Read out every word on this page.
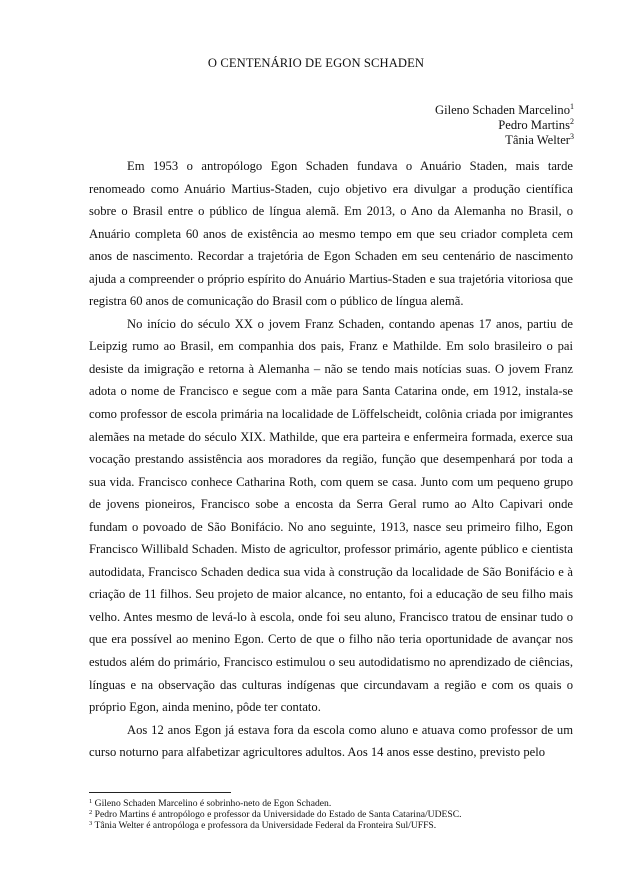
O CENTENÁRIO DE EGON SCHADEN
Gileno Schaden Marcelino$^1$
Pedro Martins$^2$
Tânia Welter$^3$

Em 1953 o antropólogo Egon Schaden fundava o Anuário Staden, mais tarde renomeado como Anuário Martius-Staden, cujo objetivo era divulgar a produção científica sobre o Brasil entre o público de língua alemã. Em 2013, o Ano da Alemanha no Brasil, o Anuário completa 60 anos de existência ao mesmo tempo em que seu criador completa cem anos de nascimento. Recordar a trajetória de Egon Schaden em seu centenário de nascimento ajuda a compreender o próprio espírito do Anuário Martius-Staden e sua trajetória vitoriosa que registra 60 anos de comunicação do Brasil com o público de língua alemã.

No início do século XX o jovem Franz Schaden, contando apenas 17 anos, partiu de Leipzig rumo ao Brasil, em companhia dos pais, Franz e Mathilde. Em solo brasileiro o pai desiste da imigração e retorna à Alemanha – não se tendo mais notícias suas. O jovem Franz adota o nome de Francisco e segue com a mãe para Santa Catarina onde, em 1912, instala-se como professor de escola primária na localidade de Löffelscheidt, colônia criada por imigrantes alemães na metade do século XIX. Mathilde, que era parteira e enfermeira formada, exerce sua vocação prestando assistência aos moradores da região, função que desempenhará por toda a sua vida. Francisco conhece Catharina Roth, com quem se casa. Junto com um pequeno grupo de jovens pioneiros, Francisco sobe a encosta da Serra Geral rumo ao Alto Capivari onde fundam o povoado de São Bonifácio. No ano seguinte, 1913, nasce seu primeiro filho, Egon Francisco Willibald Schaden. Misto de agricultor, professor primário, agente público e cientista autodidata, Francisco Schaden dedica sua vida à construção da localidade de São Bonifácio e à criação de 11 filhos. Seu projeto de maior alcance, no entanto, foi a educação de seu filho mais velho. Antes mesmo de levá-lo à escola, onde foi seu aluno, Francisco tratou de ensinar tudo o que era possível ao menino Egon. Certo de que o filho não teria oportunidade de avançar nos estudos além do primário, Francisco estimulou o seu autodidatismo no aprendizado de ciências, línguas e na observação das culturas indígenas que circundavam a região e com os quais o próprio Egon, ainda menino, pôde ter contato.

Aos 12 anos Egon já estava fora da escola como aluno e atuava como professor de um curso noturno para alfabetizar agricultores adultos. Aos 14 anos esse destino, previsto pelo

$^1$ Gileno Schaden Marcelino é sobrinho-neto de Egon Schaden.
$^2$ Pedro Martins é antropólogo e professor da Universidade do Estado de Santa Catarina/UDESC.
$^3$ Tânia Welter é antropóloga e professora da Universidade Federal da Fronteira Sul/UFFS.
